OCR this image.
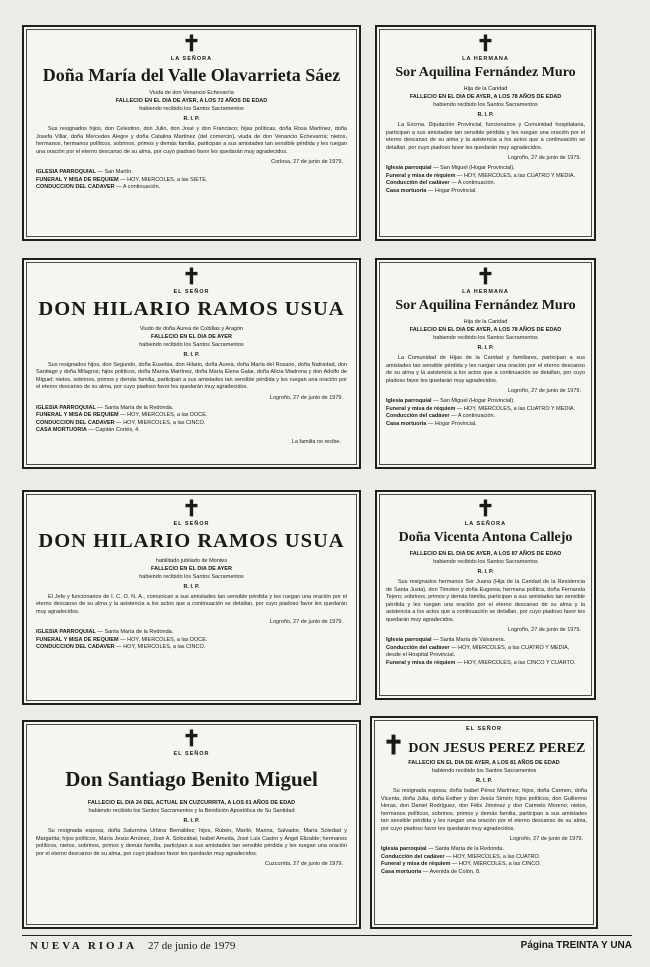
✝
LA SEÑORA
Doña María del Valle Olavarrieta Sáez
Viuda de don Venancio Echevarría
FALLECIO EN EL DIA DE AYER, A LOS 72 AÑOS DE EDAD
habiendo recibido los Santos Sacramentos
R. I. P.

Sus resignados hijos, don Celestino, don Julio, don José y don Francisco; hijas políticas, doña Rosa Martínez, doña Josefa Villar, doña Mercedes Alegre y doña Catalina Martínez (del comercio), viuda de don Venancio Echevarría; nietos, hermanos, hermanos políticos, sobrinos, primos y demás familia, participan a sus amistades tan sensible pérdida y les ruegan una oración por el eterno descanso de su alma, por cuyo piadoso favor les quedarán muy agradecidos.

Corlosa, 27 de junio de 1979.
IGLESIA PARROQUIAL — San Martín.
FUNERAL Y MISA DE REQUIEM — HOY, MIERCOLES, a las SIETE.
CONDUCCION DEL CADAVER — A continuación.
✝
LA HERMANA
Sor Aquilina Fernández Muro
Hija de la Caridad
FALLECIO EN EL DIA DE AYER, A LOS 78 AÑOS DE EDAD
habiendo recibido los Santos Sacramentos
R. I. P.

La Excma. Diputación Provincial, funcionarios y Comunidad hospitalaria, participan a sus amistades tan sensible pérdida y les ruegan una oración por el eterno descanso de su alma y la asistencia a los actos que a continuación se detallan, por cuyo piadoso favor les quedarán muy agradecidos.

Logroño, 27 de junio de 1979.
Iglesia parroquial — San Miguel (Hogar Provincial).
Funeral y misa de réquiem — HOY, MIERCOLES, a las CUATRO Y MEDIA.
Conducción del cadáver — A continuación.
Casa mortuoria — Hogar Provincial.
✝
EL SEÑOR
DON HILARIO RAMOS USUA
Viudo de doña Aurea de Cubillas y Aragón
FALLECIO EN EL DIA DE AYER
habiendo recibido los Santos Sacramentos
R. I. P.

Sus resignados hijos, don Segundo, doña Eusebia, don Hilario, doña Aurea, doña María del Rosario, doña Natividad, don Santiago y doña Milagros; hijos políticos, doña Marina Martínez, doña María Elena Galar, doña Alicia Madrona y don Adolfo de Miguel; nietos, sobrinos, primos y demás familia, participan a sus amistades tan sensible pérdida y les ruegan una oración por el eterno descanso de su alma, por cuyo piadoso favor les quedarán muy agradecidos.

Logroño, 27 de junio de 1979.
IGLESIA PARROQUIAL — Santa María de la Redonda.
FUNERAL Y MISA DE REQUIEM — HOY, MIERCOLES, a las DOCE.
CONDUCCION DEL CADAVER — HOY, MIERCOLES, a las CINCO.
CASA MORTUORIA — Capitán Cortés, 4.
La familia no recibe.
✝
LA HERMANA
Sor Aquilina Fernández Muro
Hija de la Caridad
FALLECIO EN EL DIA DE AYER, A LOS 78 AÑOS DE EDAD
habiendo recibido los Santos Sacramentos
R. I. P.

La Comunidad de Hijas de la Caridad y familiares, participan a sus amistades tan sensible pérdida y les ruegan una oración por el eterno descanso de su alma y la asistencia a los actos que a continuación se detallan, por cuyo piadoso favor les quedarán muy agradecidos.

Logroño, 27 de junio de 1979.
Iglesia parroquial — San Miguel (Hogar Provincial).
Funeral y misa de réquiem — HOY, MIERCOLES, a las CUATRO Y MEDIA.
Conducción del cadáver — A continuación.
Casa mortuoria — Hogar Provincial.
✝
EL SEÑOR
DON HILARIO RAMOS USUA
habilitado jubilado de Montes
FALLECIO EN EL DIA DE AYER
habiendo recibido los Santos Sacramentos
R. I. P.

El Jefe y funcionarios de I. C. O. N. A., comunican a sus amistades tan sensible pérdida y les ruegan una oración por el eterno descanso de su alma y la asistencia a los actos que a continuación se detallan, por cuyo piadoso favor les quedarán muy agradecidos.

Logroño, 27 de junio de 1979.
IGLESIA PARROQUIAL — Santa María de la Redonda.
FUNERAL Y MISA DE REQUIEM — HOY, MIERCOLES, a las DOCE.
CONDUCCION DEL CADAVER — HOY, MIERCOLES, a las CINCO.
✝
LA SEÑORA
Doña Vicenta Antona Callejo
FALLECIO EN EL DIA DE AYER, A LOS 87 AÑOS DE EDAD
habiendo recibido los Santos Sacramentos
R. I. P.

Sus resignados hermanos Sor Juana (Hija de la Caridad de la Residencia de Santa Justa), don Timoteo y doña Eugenia; hermana política, doña Fernanda Tejero; sobrinos, primos y demás familia, participan a sus amistades tan sensible pérdida y les ruegan una oración por el eterno descanso de su alma y la asistencia a los actos que a continuación se detallan, por cuyo piadoso favor les quedarán muy agradecidos.

Logroño, 27 de junio de 1979.
Iglesia parroquial — Santa María de Valvanera.
Conducción del cadáver — HOY, MIERCOLES, a las CUATRO Y MEDIA, desde el Hospital Provincial.
Funeral y misa de réquiem — HOY, MIERCOLES, a las CINCO Y CUARTO.
✝
EL SEÑOR
Don Santiago Benito Miguel
FALLECIO EL DIA 24 DEL ACTUAL EN CUZCURRITA, A LOS 61 AÑOS DE EDAD
habiendo recibido los Santos Sacramentos y la Bendición Apostólica de Su Santidad
R. I. P.

Su resignada esposa, doña Saturnina Urbina Bernáldez; hijos, Rubén, Mariló, Marina, Salvador, María Soledad y Margarita; hijos políticos, María Jesús Arrúnez, José A. Solozábal, Isabel Arneda, José Luis Castro y Ángel Elizalde; hermanos políticos, nietos, sobrinos, primos y demás familia, participan a sus amistades tan sensible pérdida y les ruegan una oración por el eterno descanso de su alma, por cuyo piadoso favor les quedarán muy agradecidos.

Cuzcurrita, 27 de junio de 1979.
EL SEÑOR
✝ DON JESUS PEREZ PEREZ
FALLECIO EN EL DIA DE AYER, A LOS 81 AÑOS DE EDAD
habiendo recibido los Santos Sacramentos
R. I. P.

Su resignada esposa, doña Isabel Pérez Martínez; hijos, doña Carmen, doña Vicenta, doña Julia, doña Esther y don Jesús Simón; hijos políticos, don Guillermo Heras, don Daniel Rodríguez, don Félix Jiménez y don Carmelo Moreno; nietos, hermanos políticos, sobrinos, primos y demás familia, participan a sus amistades tan sensible pérdida y les ruegan una oración por el eterno descanso de su alma, por cuyo piadoso favor les quedarán muy agradecidos.

Logroño, 27 de junio de 1979.
Iglesia parroquial — Santa María de la Redonda.
Conducción del cadáver — HOY, MIERCOLES, a las CUATRO.
Funeral y misa de réquiem — HOY, MIERCOLES, a las CINCO.
Casa mortuoria — Avenida de Colón, 8.
NUEVA RIOJA 27 de junio de 1979	Página TREINTA Y UNA
